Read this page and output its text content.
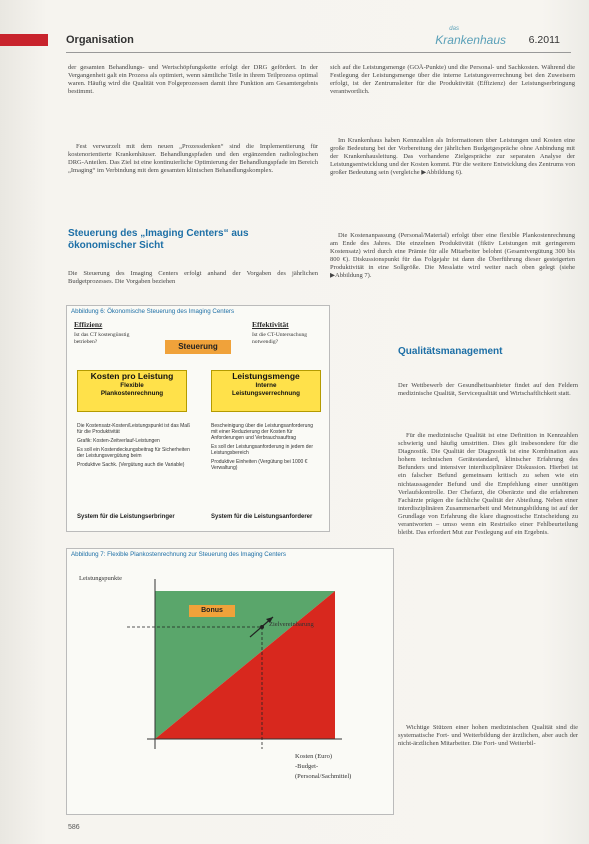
Organisation
das
Krankenhaus 6.2011
der gesamten Behandlungs- und Wertschöpfungskette erfolgt der DRG gefördert. In der Vergangenheit galt ein Prozess als optimiert, wenn sämtliche Teile in ihrem Teilprozess optimal waren. Häufig wird die Qualität von Folgeprozessen damit ihre Funktion am Gesamtergebnis bestimmt.
Fest verwurzelt mit dem neuen „Prozessdenken“ sind die Implementierung für kostenorientierte Krankenhäuser. Behandlungspfaden und den ergänzenden radiologischen DRG-Anteilen. Das Ziel ist eine kontinuierliche Optimierung der Behandlungspfade im Bereich „Imaging“ im Verbindung mit dem gesamten klinischen Behandlungskomplex.
Steuerung des „Imaging Centers“ aus ökonomischer Sicht
Die Steuerung des Imaging Centers erfolgt anhand der Vorgaben des jährlichen Budgetprozesses. Die Vorgaben beziehen
sich auf die Leistungsmenge (GOÄ-Punkte) und die Personal- und Sachkosten. Während die Festlegung der Leistungsmenge über die interne Leistungsverrechnung bei den Zuweisern erfolgt, ist der Zentrumsleiter für die Produktivität (Effizienz) der Leistungserbringung verantwortlich.
Im Krankenhaus haben Kennzahlen als Informationen über Leistungen und Kosten eine große Bedeutung bei der Vorbereitung der jährlichen Budgetgespräche ohne Anbindung mit der Krankenhausleitung. Das vorhandene Zielgespräche zur separaten Analyse der Leistungsentwicklung und der Kosten kommt. Für die weitere Entwicklung des Zentrums von großer Bedeutung sein (vergleiche ▶Abbildung 6).
Die Kostenanpassung (Personal/Material) erfolgt über eine flexible Plankostenrechnung am Ende des Jahres. Die einzelnen Produktivität (fiktiv Leistungen mit geringerem Kostensatz) wird durch eine Prämie für alle Mitarbeiter belohnt (Gesamtvergütung 300 bis 800 €). Diskussionspunkt für das Folgejahr ist dann die Überführung dieser gesteigerten Produktivität in eine Sollgröße. Die Messlatte wird weiter nach oben gelegt (siehe ▶Abbildung 7).
Abbildung 6: Ökonomische Steuerung des Imaging Centers
Effizienz
Ist das CT kostengünstig betrieben?
Effektivität
Ist die CT-Untersuchung notwendig?
Steuerung
Kosten pro Leistung
Flexible
Plankostenrechnung
Leistungsmenge
Interne
Leistungsverrechnung
Die Kostensatz-Kosten/Leistungspunkt ist das Maß für die Produktivität
Grafik: Kosten-Zeitverlauf-Leistungen
Es soll ein Kostendeckungsbeitrag für Sicherheiten der Leistungsvergütung beim
Produktive Sachk. (Vergütung auch die Variable)
Bescheinigung über die Leistungsanforderung mit einer Reduzierung der Kosten für Anforderungen und Verbrauchsauftrag
Es soll der Leistungsanforderung in jedem der Leistungsbereich
Produktive Einheiten (Vergütung bei 1000 € Verwaltung)
System für die Leistungserbringer	System für die Leistungsanforderer
Qualitätsmanagement
Der Wettbewerb der Gesundheitsanbieter findet auf den Feldern medizinische Qualität, Servicequalität und Wirtschaftlichkeit statt.
Für die medizinische Qualität ist eine Definition in Kennzahlen schwierig und häufig umstritten. Dies gilt insbesondere für die Diagnostik. Die Qualität der Diagnostik ist eine Kombination aus hohem technischen Gerätestandard, klinischer Erfahrung des Befunders und intensiver interdisziplinärer Diskussion. Hierbei ist ein falscher Befund gemeinsam kritisch zu sehen wie ein nichtaussagender Befund und die Empfehlung einer unnötigen Verlaufskontrolle. Der Chefarzt, die Oberärzte und die erfahrenen Fachärzte prägen die fachliche Qualität der Abteilung. Neben einer interdisziplinären Zusammenarbeit und Meinungsbildung ist auf der Grundlage von Erfahrung die klare diagnostische Entscheidung zu verantworten – umso wenn ein Restrisiko einer Fehlbeurteilung bleibt. Das erfordert Mut zur Festlegung auf ein Ergebnis.
Wichtige Stützen einer hohen medizinischen Qualität sind die systematische Fort- und Weiterbildung der ärztlichen, aber auch der nicht-ärztlichen Mitarbeiter. Die Fort- und Weiterbil-
Abbildung 7: Flexible Plankostenrechnung zur Steuerung des Imaging Centers
Leistungspunkte
Bonus
Zielvereinbarung
Kosten (Euro)
-Budget-
(Personal/Sachmittel)
586
